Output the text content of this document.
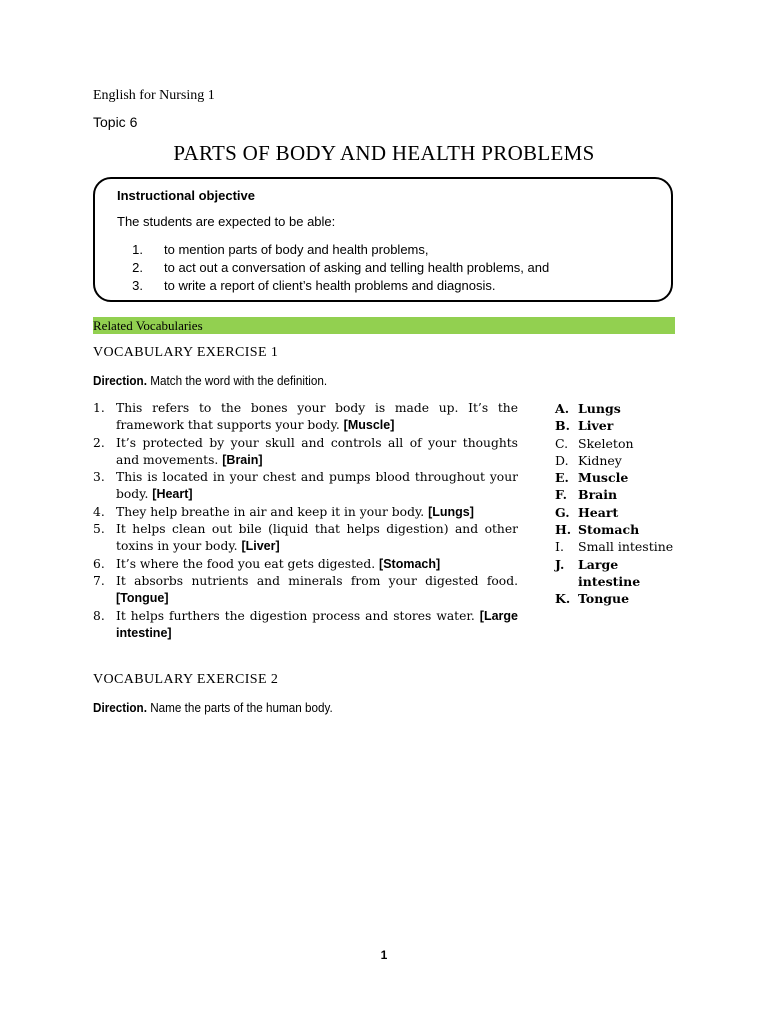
English for Nursing 1
Topic 6
PARTS OF BODY AND HEALTH PROBLEMS
Instructional objective
The students are expected to be able:
1.	to mention parts of body and health problems,
2.	to act out a conversation of asking and telling health problems, and
3.	to write a report of client’s health problems and diagnosis.
Related Vocabularies
VOCABULARY EXERCISE 1
Direction. Match the word with the definition.
1. This refers to the bones your body is made up. It’s the framework that supports your body. [Muscle]
2. It’s protected by your skull and controls all of your thoughts and movements. [Brain]
3. This is located in your chest and pumps blood throughout your body. [Heart]
4. They help breathe in air and keep it in your body. [Lungs]
5. It helps clean out bile (liquid that helps digestion) and other toxins in your body. [Liver]
6. It’s where the food you eat gets digested. [Stomach]
7. It absorbs nutrients and minerals from your digested food. [Tongue]
8. It helps furthers the digestion process and stores water. [Large intestine]
A. Lungs
B. Liver
C. Skeleton
D. Kidney
E. Muscle
F. Brain
G. Heart
H. Stomach
I.	Small intestine
J.	Large intestine
K. Tongue
VOCABULARY EXERCISE 2
Direction. Name the parts of the human body.
1
